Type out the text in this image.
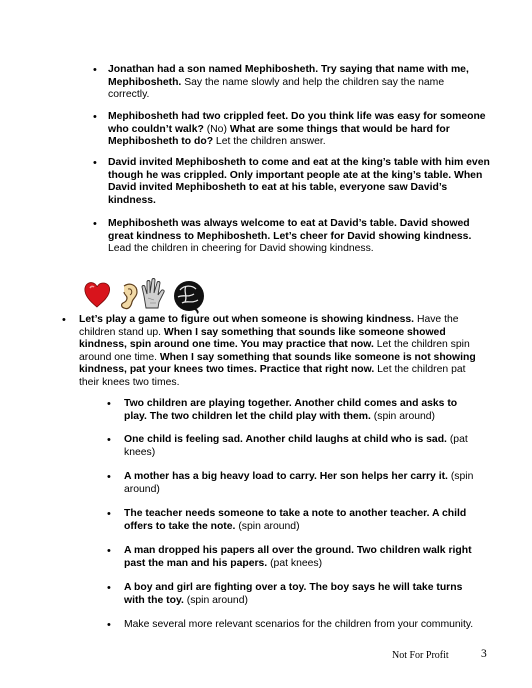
•	Jonathan had a son named Mephibosheth. Try saying that name with me, Mephibosheth. Say the name slowly and help the children say the name correctly.
•	Mephibosheth had two crippled feet. Do you think life was easy for someone who couldn’t walk? (No) What are some things that would be hard for Mephibosheth to do? Let the children answer.
•	David invited Mephibosheth to come and eat at the king’s table with him even though he was crippled. Only important people ate at the king’s table. When David invited Mephibosheth to eat at his table, everyone saw David’s kindness.
•	Mephibosheth was always welcome to eat at David’s table. David showed great kindness to Mephibosheth. Let’s cheer for David showing kindness. Lead the children in cheering for David showing kindness.
•	Let’s play a game to figure out when someone is showing kindness. Have the children stand up. When I say something that sounds like someone showed kindness, spin around one time. You may practice that now. Let the children spin around one time. When I say something that sounds like someone is not showing kindness, pat your knees two times. Practice that right now. Let the children pat their knees two times.
•	Two children are playing together. Another child comes and asks to play. The two children let the child play with them. (spin around)
•	One child is feeling sad. Another child laughs at child who is sad. (pat knees)
•	A mother has a big heavy load to carry. Her son helps her carry it. (spin around)
•	The teacher needs someone to take a note to another teacher. A child offers to take the note. (spin around)
•	A man dropped his papers all over the ground. Two children walk right past the man and his papers. (pat knees)
•	A boy and girl are fighting over a toy. The boy says he will take turns with the toy. (spin around)
•	Make several more relevant scenarios for the children from your community.
Not For Profit	3
